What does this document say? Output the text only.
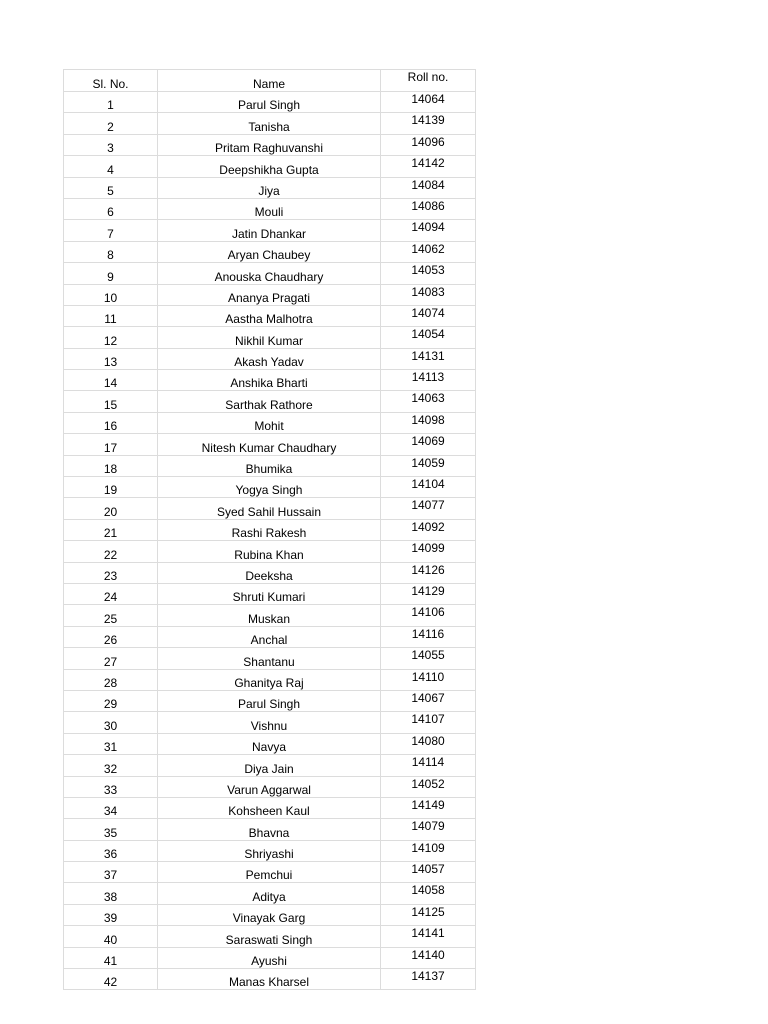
Sl. No.	Name	Roll no.
1	Parul Singh	14064
2	Tanisha	14139
3	Pritam Raghuvanshi	14096
4	Deepshikha Gupta	14142
5	Jiya	14084
6	Mouli	14086
7	Jatin Dhankar	14094
8	Aryan Chaubey	14062
9	Anouska Chaudhary	14053
10	Ananya Pragati	14083
11	Aastha Malhotra	14074
12	Nikhil Kumar	14054
13	Akash Yadav	14131
14	Anshika Bharti	14113
15	Sarthak Rathore	14063
16	Mohit	14098
17	Nitesh Kumar Chaudhary	14069
18	Bhumika	14059
19	Yogya Singh	14104
20	Syed Sahil Hussain	14077
21	Rashi Rakesh	14092
22	Rubina Khan	14099
23	Deeksha	14126
24	Shruti Kumari	14129
25	Muskan	14106
26	Anchal	14116
27	Shantanu	14055
28	Ghanitya Raj	14110
29	Parul Singh	14067
30	Vishnu	14107
31	Navya	14080
32	Diya Jain	14114
33	Varun Aggarwal	14052
34	Kohsheen Kaul	14149
35	Bhavna	14079
36	Shriyashi	14109
37	Pemchui	14057
38	Aditya	14058
39	Vinayak Garg	14125
40	Saraswati Singh	14141
41	Ayushi	14140
42	Manas Kharsel	14137
